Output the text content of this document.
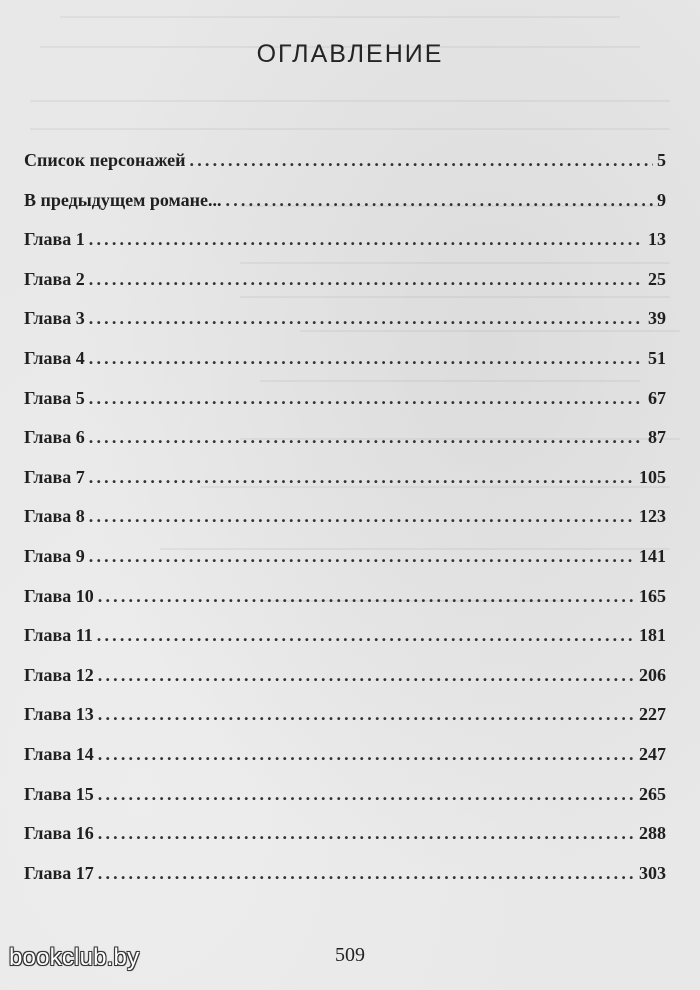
ОГЛАВЛЕНИЕ
Список персонажей .....	5
В предыдущем романе... .....	9
Глава 1 .....	13
Глава 2 .....	25
Глава 3 .....	39
Глава 4 .....	51
Глава 5 .....	67
Глава 6 .....	87
Глава 7 .....	105
Глава 8 .....	123
Глава 9 .....	141
Глава 10 .....	165
Глава 11 .....	181
Глава 12 .....	206
Глава 13 .....	227
Глава 14 .....	247
Глава 15 .....	265
Глава 16 .....	288
Глава 17 .....	303
bookclub.by	509
